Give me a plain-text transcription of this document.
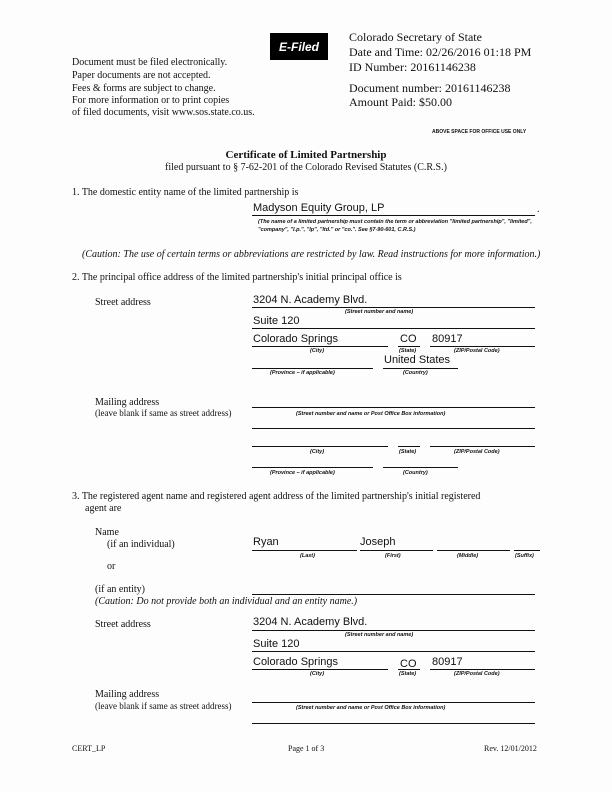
E-Filed
Document must be filed electronically.
Paper documents are not accepted.
Fees & forms are subject to change.
For more information or to print copies
of filed documents, visit www.sos.state.co.us.
Colorado Secretary of State
Date and Time: 02/26/2016 01:18 PM
ID Number: 20161146238
Document number: 20161146238
Amount Paid: $50.00
ABOVE SPACE FOR OFFICE USE ONLY
Certificate of Limited Partnership
filed pursuant to § 7-62-201 of the Colorado Revised Statutes (C.R.S.)
1. The domestic entity name of the limited partnership is
Madyson Equity Group, LP	.
(The name of a limited partnership must contain the term or abbreviation "limited partnership", "limited", "company", "l.p.", "lp", "ltd." or "co.". See §7-90-601, C.R.S.)
(Caution: The use of certain terms or abbreviations are restricted by law. Read instructions for more information.)
2. The principal office address of the limited partnership's initial principal office is
Street address	3204 N. Academy Blvd.
(Street number and name)
Suite 120
Colorado Springs	CO 80917
(City)	(State)	(ZIP/Postal Code)
United States
(Province – if applicable)	(Country)
Mailing address
(leave blank if same as street address)	(Street number and name or Post Office Box information)
(City)	(State)	(ZIP/Postal Code)
(Province – if applicable)	(Country)
3. The registered agent name and registered agent address of the limited partnership's initial registered
agent are
Name
(if an individual)	Ryan	Joseph
(Last)	(First)	(Middle)	(Suffix)
or
(if an entity)
(Caution: Do not provide both an individual and an entity name.)
Street address	3204 N. Academy Blvd.
(Street number and name)
Suite 120
Colorado Springs	CO 80917
(City)	(State)	(ZIP/Postal Code)
Mailing address
(leave blank if same as street address)	(Street number and name or Post Office Box information)
CERT_LP	Page 1 of 3	Rev. 12/01/2012
